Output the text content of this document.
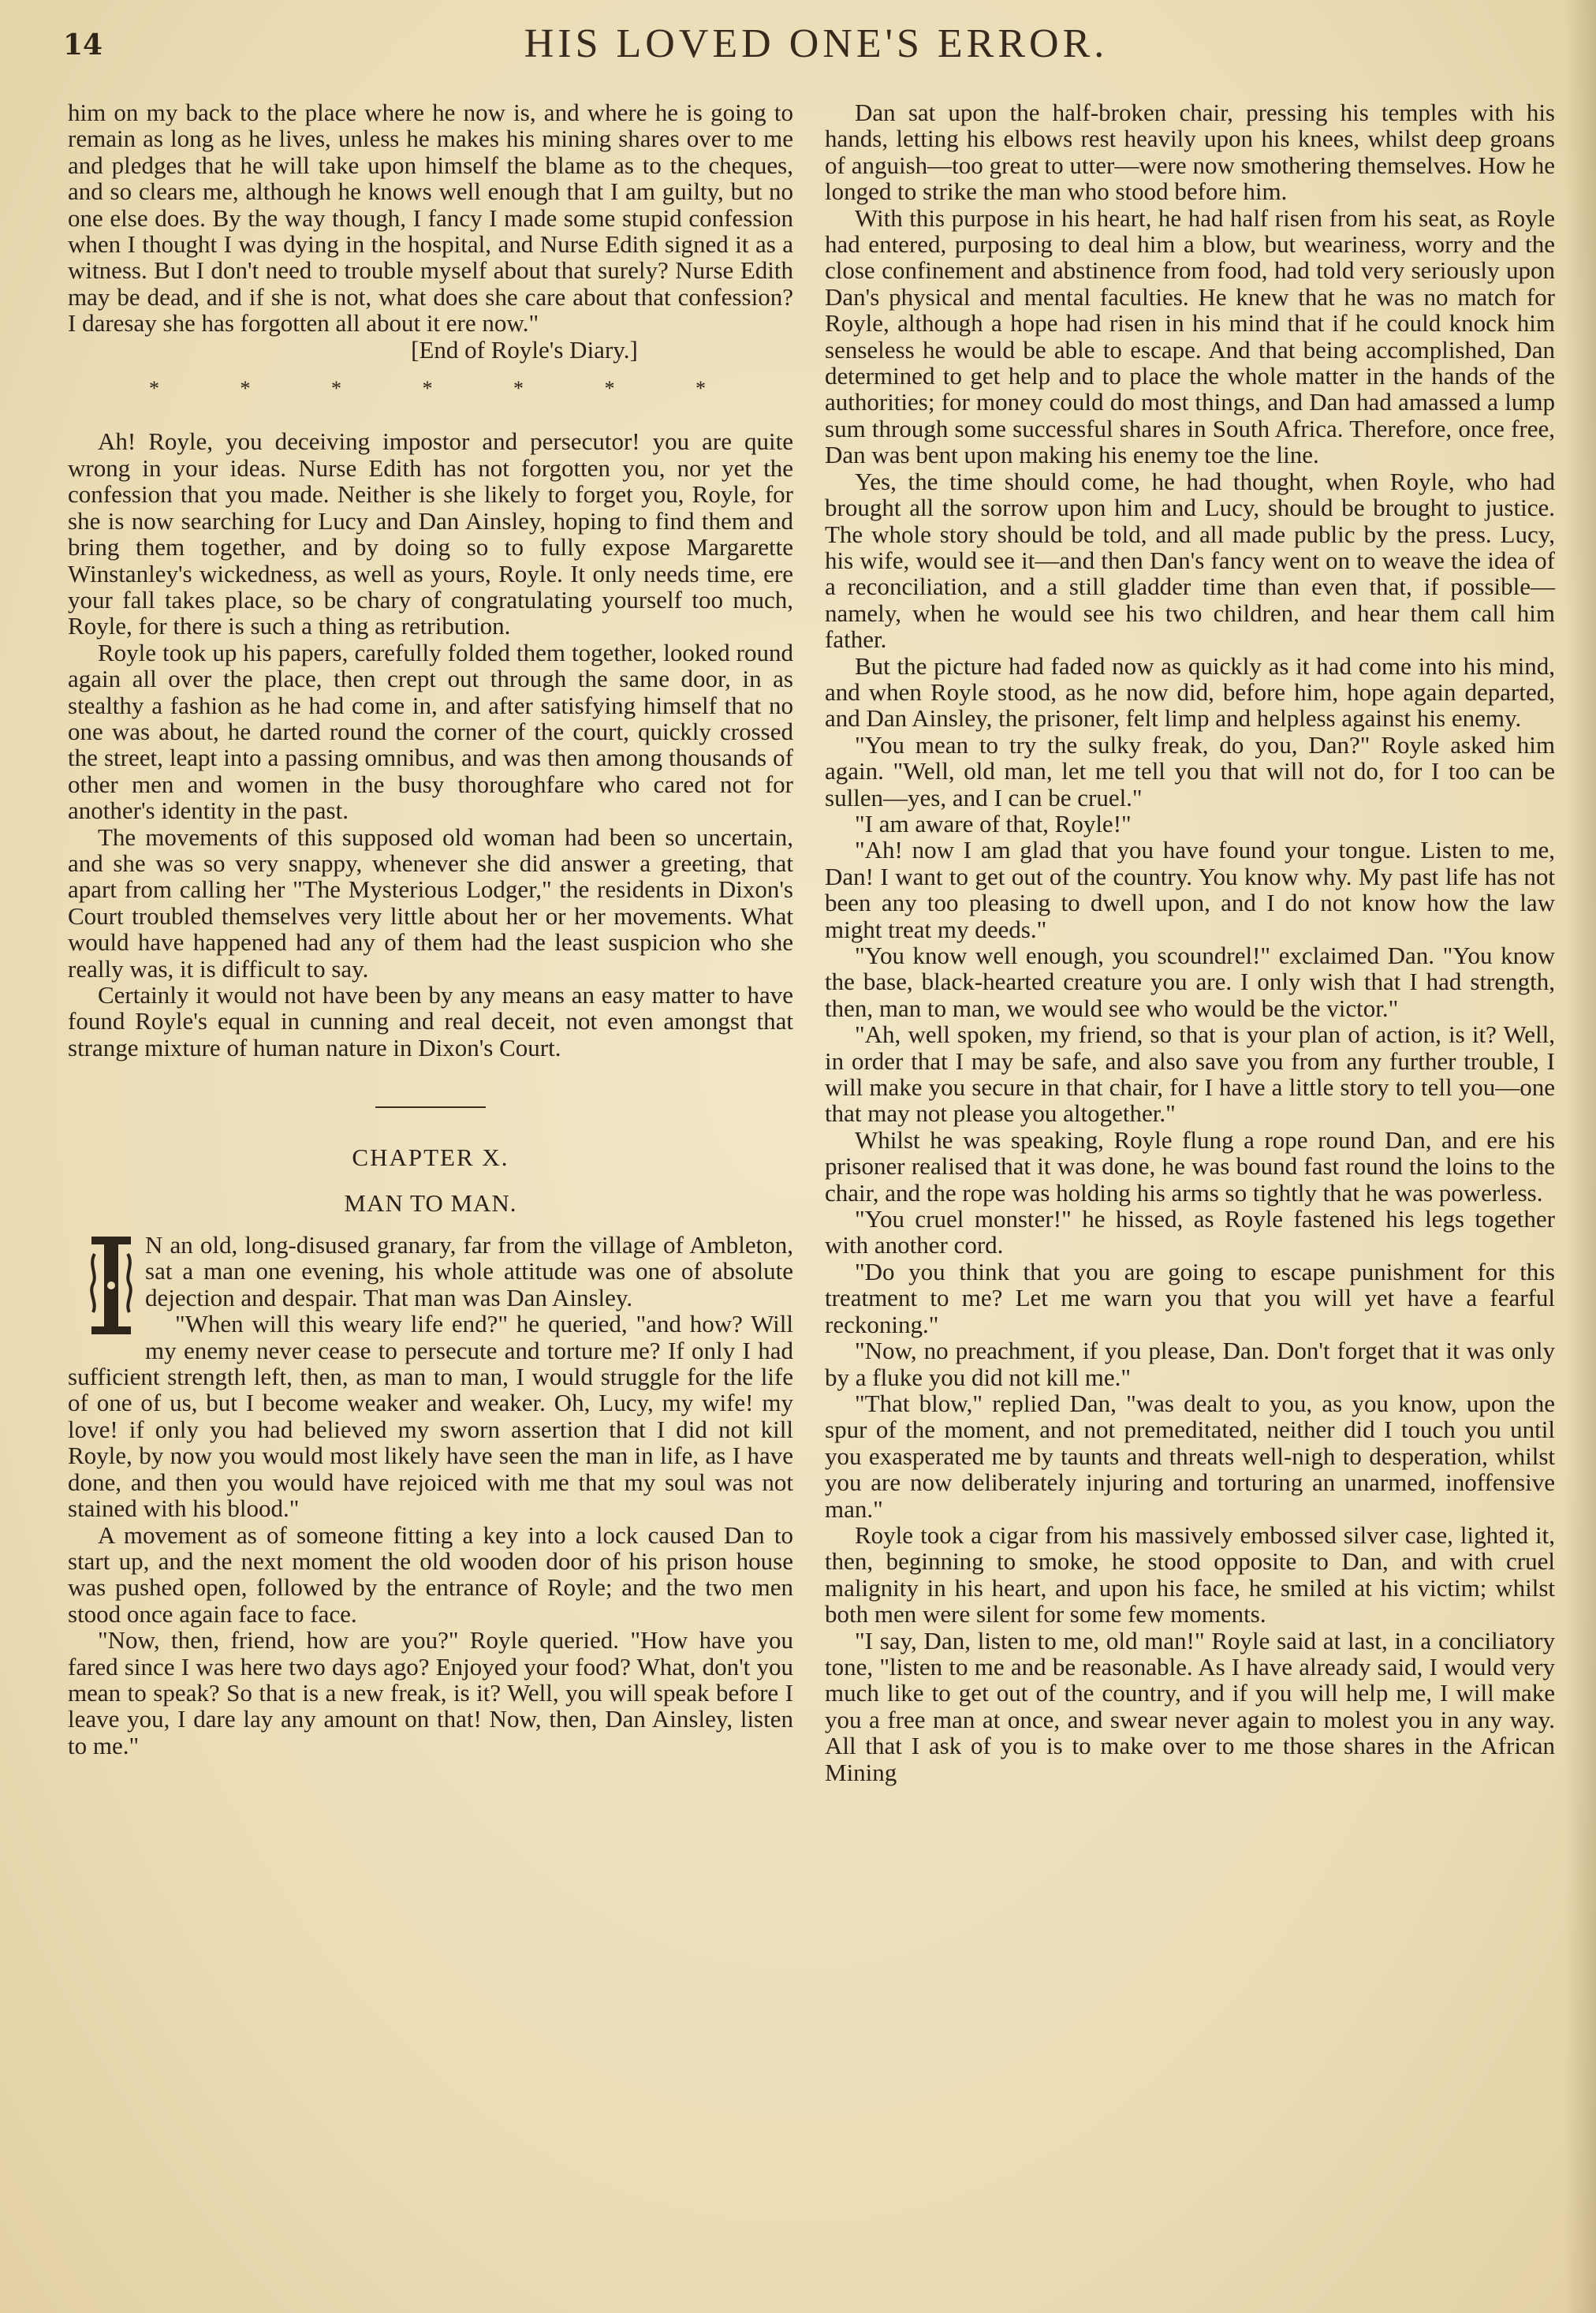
14	HIS LOVED ONE'S ERROR.

him on my back to the place where he now is, and where he is going to remain as long as he lives, unless he makes his mining shares over to me and pledges that he will take upon himself the blame as to the cheques, and so clears me, although he knows well enough that I am guilty, but no one else does. By the way though, I fancy I made some stupid confession when I thought I was dying in the hospital, and Nurse Edith signed it as a witness. But I don't need to trouble myself about that surely? Nurse Edith may be dead, and if she is not, what does she care about that confession? I daresay she has forgotten all about it ere now."

[End of Royle's Diary.]

* * * * * * *

Ah! Royle, you deceiving impostor and persecutor! you are quite wrong in your ideas. Nurse Edith has not forgotten you, nor yet the confession that you made. Neither is she likely to forget you, Royle, for she is now searching for Lucy and Dan Ainsley, hoping to find them and bring them together, and by doing so to fully expose Margarette Winstanley's wickedness, as well as yours, Royle. It only needs time, ere your fall takes place, so be chary of congratulating yourself too much, Royle, for there is such a thing as retribution.

Royle took up his papers, carefully folded them together, looked round again all over the place, then crept out through the same door, in as stealthy a fashion as he had come in, and after satisfying himself that no one was about, he darted round the corner of the court, quickly crossed the street, leapt into a passing omnibus, and was then among thousands of other men and women in the busy thoroughfare who cared not for another's identity in the past.

The movements of this supposed old woman had been so uncertain, and she was so very snappy, whenever she did answer a greeting, that apart from calling her "The Mysterious Lodger," the residents in Dixon's Court troubled themselves very little about her or her movements. What would have happened had any of them had the least suspicion who she really was, it is difficult to say.

Certainly it would not have been by any means an easy matter to have found Royle's equal in cunning and real deceit, not even amongst that strange mixture of human nature in Dixon's Court.

CHAPTER X.
MAN TO MAN.

N an old, long-disused granary, far from the village of Ambleton, sat a man one evening, his whole attitude was one of absolute dejection and despair. That man was Dan Ainsley.

"When will this weary life end?" he queried, "and how? Will my enemy never cease to persecute and torture me? If only I had sufficient strength left, then, as man to man, I would struggle for the life of one of us, but I become weaker and weaker. Oh, Lucy, my wife! my love! if only you had believed my sworn assertion that I did not kill Royle, by now you would most likely have seen the man in life, as I have done, and then you would have rejoiced with me that my soul was not stained with his blood."

A movement as of someone fitting a key into a lock caused Dan to start up, and the next moment the old wooden door of his prison house was pushed open, followed by the entrance of Royle; and the two men stood once again face to face.

"Now, then, friend, how are you?" Royle queried. "How have you fared since I was here two days ago? Enjoyed your food? What, don't you mean to speak? So that is a new freak, is it? Well, you will speak before I leave you, I dare lay any amount on that! Now, then, Dan Ainsley, listen to me."

Dan sat upon the half-broken chair, pressing his temples with his hands, letting his elbows rest heavily upon his knees, whilst deep groans of anguish—too great to utter—were now smothering themselves. How he longed to strike the man who stood before him.

With this purpose in his heart, he had half risen from his seat, as Royle had entered, purposing to deal him a blow, but weariness, worry and the close confinement and abstinence from food, had told very seriously upon Dan's physical and mental faculties. He knew that he was no match for Royle, although a hope had risen in his mind that if he could knock him senseless he would be able to escape. And that being accomplished, Dan determined to get help and to place the whole matter in the hands of the authorities; for money could do most things, and Dan had amassed a lump sum through some successful shares in South Africa. Therefore, once free, Dan was bent upon making his enemy toe the line.

Yes, the time should come, he had thought, when Royle, who had brought all the sorrow upon him and Lucy, should be brought to justice. The whole story should be told, and all made public by the press. Lucy, his wife, would see it—and then Dan's fancy went on to weave the idea of a reconciliation, and a still gladder time than even that, if possible—namely, when he would see his two children, and hear them call him father.

But the picture had faded now as quickly as it had come into his mind, and when Royle stood, as he now did, before him, hope again departed, and Dan Ainsley, the prisoner, felt limp and helpless against his enemy.

"You mean to try the sulky freak, do you, Dan?" Royle asked him again. "Well, old man, let me tell you that will not do, for I too can be sullen—yes, and I can be cruel."

"I am aware of that, Royle!"

"Ah! now I am glad that you have found your tongue. Listen to me, Dan! I want to get out of the country. You know why. My past life has not been any too pleasing to dwell upon, and I do not know how the law might treat my deeds."

"You know well enough, you scoundrel!" exclaimed Dan. "You know the base, black-hearted creature you are. I only wish that I had strength, then, man to man, we would see who would be the victor."

"Ah, well spoken, my friend, so that is your plan of action, is it? Well, in order that I may be safe, and also save you from any further trouble, I will make you secure in that chair, for I have a little story to tell you—one that may not please you altogether."

Whilst he was speaking, Royle flung a rope round Dan, and ere his prisoner realised that it was done, he was bound fast round the loins to the chair, and the rope was holding his arms so tightly that he was powerless.

"You cruel monster!" he hissed, as Royle fastened his legs together with another cord.

"Do you think that you are going to escape punishment for this treatment to me? Let me warn you that you will yet have a fearful reckoning."

"Now, no preachment, if you please, Dan. Don't forget that it was only by a fluke you did not kill me."

"That blow," replied Dan, "was dealt to you, as you know, upon the spur of the moment, and not premeditated, neither did I touch you until you exasperated me by taunts and threats well-nigh to desperation, whilst you are now deliberately injuring and torturing an unarmed, inoffensive man."

Royle took a cigar from his massively embossed silver case, lighted it, then, beginning to smoke, he stood opposite to Dan, and with cruel malignity in his heart, and upon his face, he smiled at his victim; whilst both men were silent for some few moments.

"I say, Dan, listen to me, old man!" Royle said at last, in a conciliatory tone, "listen to me and be reasonable. As I have already said, I would very much like to get out of the country, and if you will help me, I will make you a free man at once, and swear never again to molest you in any way. All that I ask of you is to make over to me those shares in the African Mining
